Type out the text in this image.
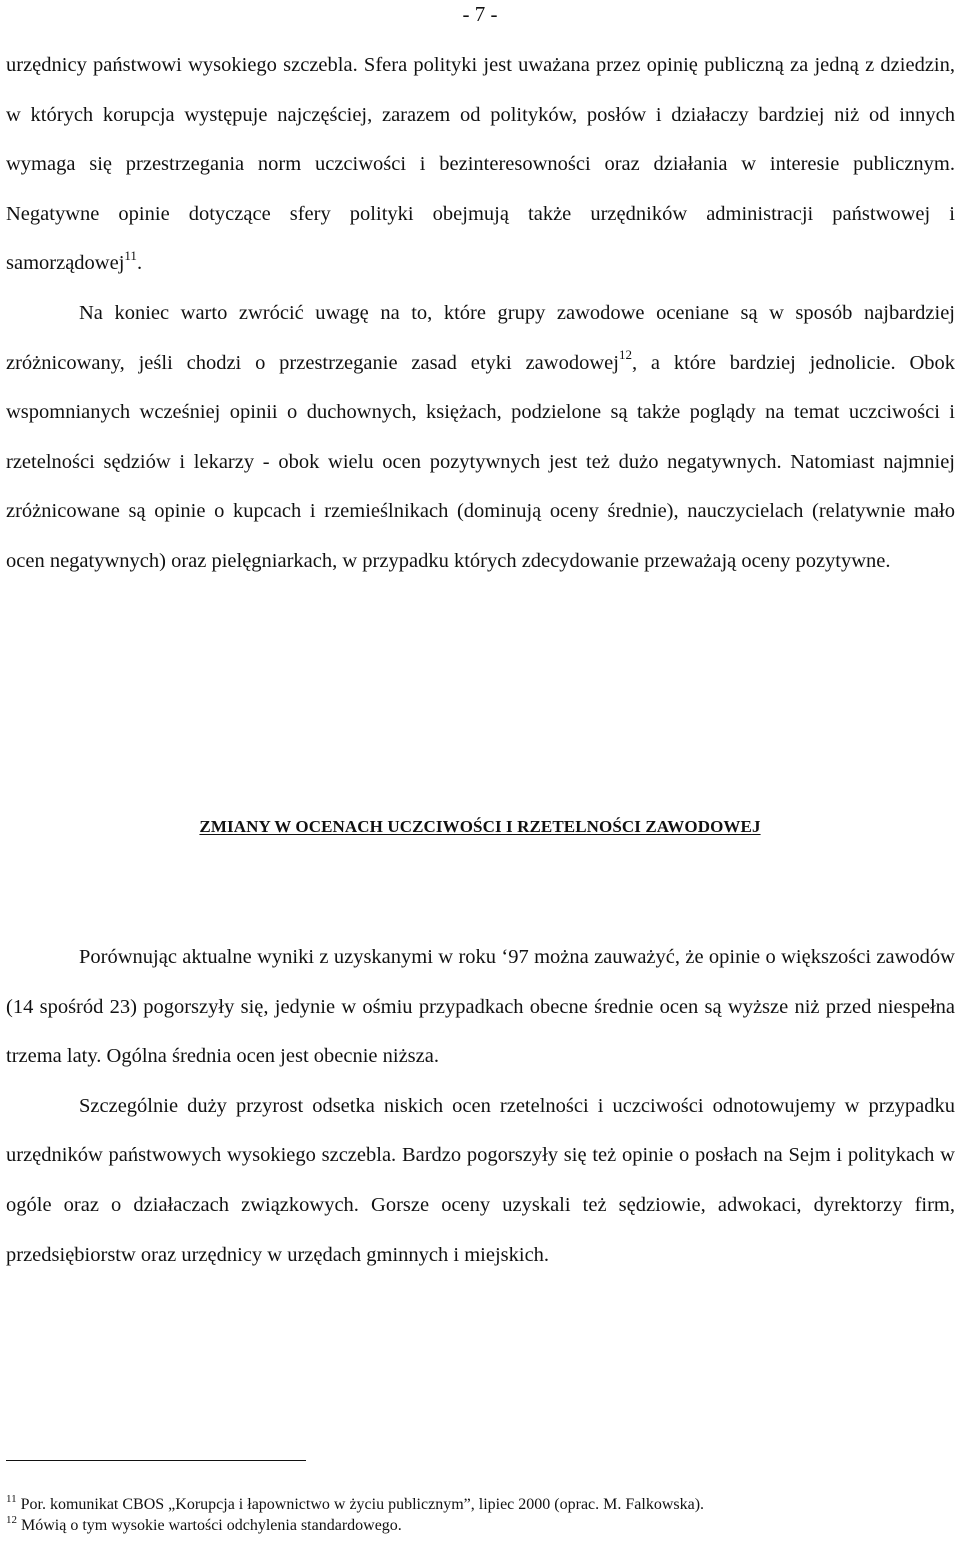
- 7 -

urzędnicy państwowi wysokiego szczebla. Sfera polityki jest uważana przez opinię publiczną za jedną z dziedzin, w których korupcja występuje najczęściej, zarazem od polityków, posłów i działaczy bardziej niż od innych wymaga się przestrzegania norm uczciwości i bezinteresowności oraz działania w interesie publicznym. Negatywne opinie dotyczące sfery polityki obejmują także urzędników administracji państwowej i samorządowej$^{11}$.

Na koniec warto zwrócić uwagę na to, które grupy zawodowe oceniane są w sposób najbardziej zróżnicowany, jeśli chodzi o przestrzeganie zasad etyki zawodowej$^{12}$, a które bardziej jednolicie. Obok wspomnianych wcześniej opinii o duchownych, księżach, podzielone są także poglądy na temat uczciwości i rzetelności sędziów i lekarzy - obok wielu ocen pozytywnych jest też dużo negatywnych. Natomiast najmniej zróżnicowane są opinie o kupcach i rzemieślnikach (dominują oceny średnie), nauczycielach (relatywnie mało ocen negatywnych) oraz pielęgniarkach, w przypadku których zdecydowanie przeważają oceny pozytywne.

ZMIANY W OCENACH UCZCIWOŚCI I RZETELNOŚCI ZAWODOWEJ

Porównując aktualne wyniki z uzyskanymi w roku ‘97 można zauważyć, że opinie o większości zawodów (14 spośród 23) pogorszyły się, jedynie w ośmiu przypadkach obecne średnie ocen są wyższe niż przed niespełna trzema laty. Ogólna średnia ocen jest obecnie niższa.

Szczególnie duży przyrost odsetka niskich ocen rzetelności i uczciwości odnotowujemy w przypadku urzędników państwowych wysokiego szczebla. Bardzo pogorszyły się też opinie o posłach na Sejm i politykach w ogóle oraz o działaczach związkowych. Gorsze oceny uzyskali też sędziowie, adwokaci, dyrektorzy firm, przedsiębiorstw oraz urzędnicy w urzędach gminnych i miejskich.

$^{11}$ Por. komunikat CBOS „Korupcja i łapownictwo w życiu publicznym”, lipiec 2000 (oprac. M. Falkowska).
$^{12}$ Mówią o tym wysokie wartości odchylenia standardowego.
